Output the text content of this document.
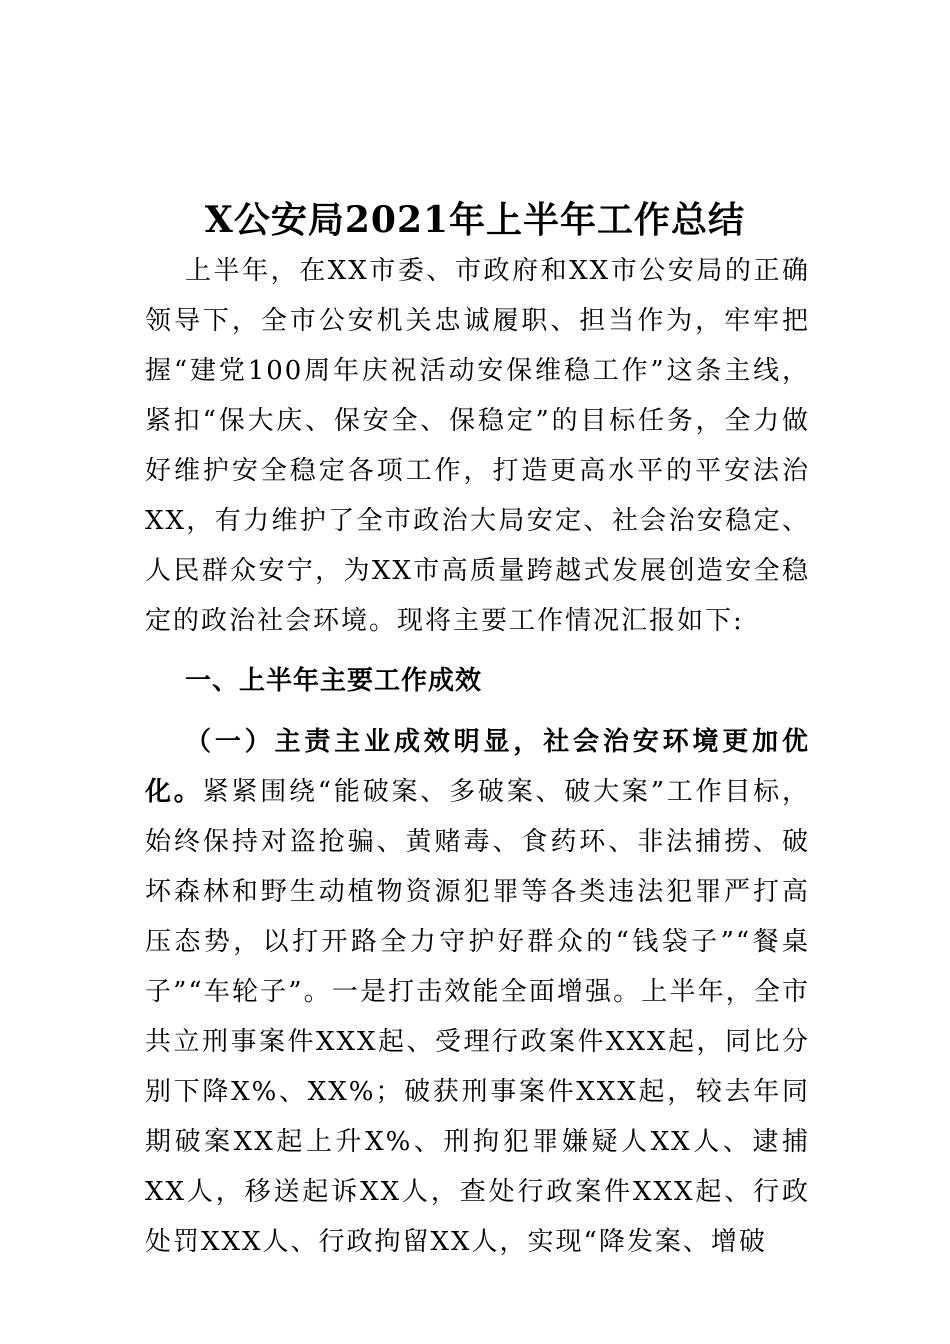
X公安局2021年上半年工作总结

上半年，在XX市委、市政府和XX市公安局的正确领导下，全市公安机关忠诚履职、担当作为，牢牢把握“建党100周年庆祝活动安保维稳工作”这条主线，紧扣“保大庆、保安全、保稳定”的目标任务，全力做好维护安全稳定各项工作，打造更高水平的平安法治XX，有力维护了全市政治大局安定、社会治安稳定、人民群众安宁，为XX市高质量跨越式发展创造安全稳定的政治社会环境。现将主要工作情况汇报如下:

一、上半年主要工作成效

（一）主责主业成效明显，社会治安环境更加优化。紧紧围绕“能破案、多破案、破大案”工作目标，始终保持对盗抢骗、黄赌毒、食药环、非法捕捞、破坏森林和野生动植物资源犯罪等各类违法犯罪严打高压态势，以打开路全力守护好群众的“钱袋子”“餐桌子”“车轮子”。一是打击效能全面增强。上半年，全市共立刑事案件XXX起、受理行政案件XXX起，同比分别下降X%、XX%；破获刑事案件XXX起，较去年同期破案XX起上升X%、刑拘犯罪嫌疑人XX人、逮捕XX人，移送起诉XX人，查处行政案件XXX起、行政处罚XXX人、行政拘留XX人，实现“降发案、增破
